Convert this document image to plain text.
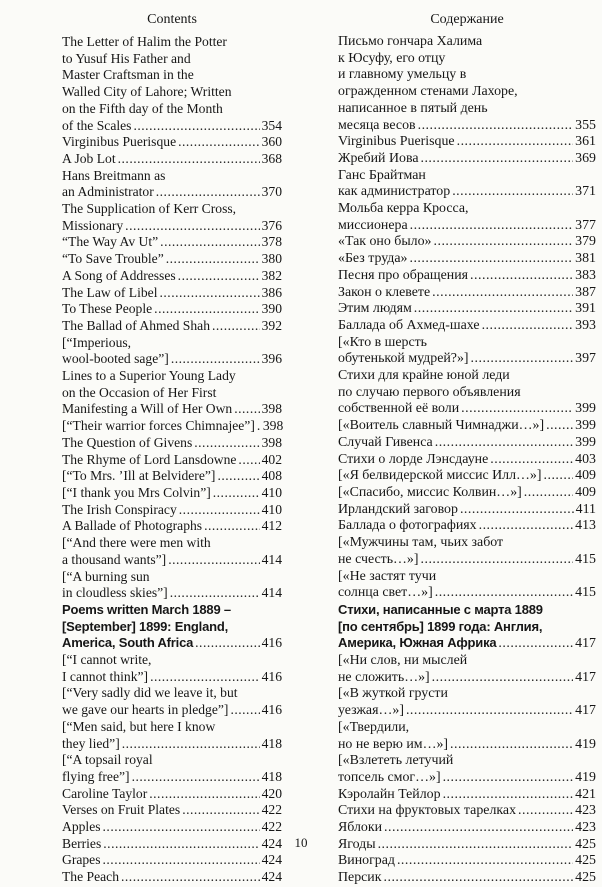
Contents
The Letter of Halim the Potter
to Yusuf His Father and
Master Craftsman in the
Walled City of Lahore; Written
on the Fifth day of the Month
of the Scales .....	354
Virginibus Puerisque .....	360
A Job Lot .....	368
Hans Breitmann as
an Administrator .....	370
The Supplication of Kerr Cross,
Missionary .....	376
“The Way Av Ut” .....	378
“To Save Trouble” .....	380
A Song of Addresses .....	382
The Law of Libel .....	386
To These People .....	390
The Ballad of Ahmed Shah .....	392
[“Imperious,
wool-booted sage”] .....	396
Lines to a Superior Young Lady
on the Occasion of Her First
Manifesting a Will of Her Own ..... 398
[“Their warrior forces Chimnajee”] ..... 398
The Question of Givens .....	398
The Rhyme of Lord Lansdowne ..... 402
[“To Mrs. ’Ill at Belvidere”] .....	408
[“I thank you Mrs Colvin”] .....	410
The Irish Conspiracy .....	410
A Ballade of Photographs .....	412
[“And there were men with
a thousand wants”] .....	414
[“A burning sun
in cloudless skies”] .....	414
Poems written March 1889 –
[September] 1899: England,
America, South Africa .....	416
[“I cannot write,
I cannot think”] .....	416
[“Very sadly did we leave it, but
we gave our hearts in pledge”] ..... 416
[“Men said, but here I know
they lied”] .....	418
[“A topsail royal
flying free”] .....	418
Caroline Taylor .....	420
Verses on Fruit Plates .....	422
Apples .....	422
Berries .....	424
Grapes .....	424
The Peach .....	424
Содержание
Письмо гончара Халима
к Юсуфу, его отцу
и главному умельцу в
огражденном стенами Лахоре,
написанное в пятый день
месяца весов .....	355
Virginibus Puerisque .....	361
Жребий Иова .....	369
Ганс Брайтман
как администратор .....	371
Мольба керра Кросса,
миссионера .....	377
«Так оно было» .....	379
«Без труда» .....	381
Песня про обращения .....	383
Закон о клевете .....	387
Этим людям .....	391
Баллада об Ахмед-шахе .....	393
[«Кто в шерсть
обутенькой мудрей?»] .....	397
Стихи для крайне юной леди
по случаю первого объявления
собственной её воли .....	399
[«Воитель славный Чимнаджи…»] ..... 399
Случай Гивенса .....	399
Стихи о лорде Лэнсдауне .....	403
[«Я белвидерской миссис Илл…»] ..... 409
[«Спасибо, миссис Колвин…»] .....	409
Ирландский заговор .....	411
Баллада о фотографиях .....	413
[«Мужчины там, чьих забот
не счесть…»] .....	415
[«Не застят тучи
солнца свет…»] .....	415
Стихи, написанные с марта 1889
[по сентябрь] 1899 года: Англия,
Америка, Южная Африка .....	417
[«Ни слов, ни мыслей
не сложить…»] .....	417
[«В жуткой грусти
уезжая…»] .....	417
[«Твердили,
но не верю им…»] .....	419
[«Взлететь летучий
топсель смог…»] .....	419
Кэролайн Тейлор .....	421
Стихи на фруктовых тарелках .....	423
Яблоки .....	423
Ягоды .....	425
Виноград .....	425
Персик .....	425
10
